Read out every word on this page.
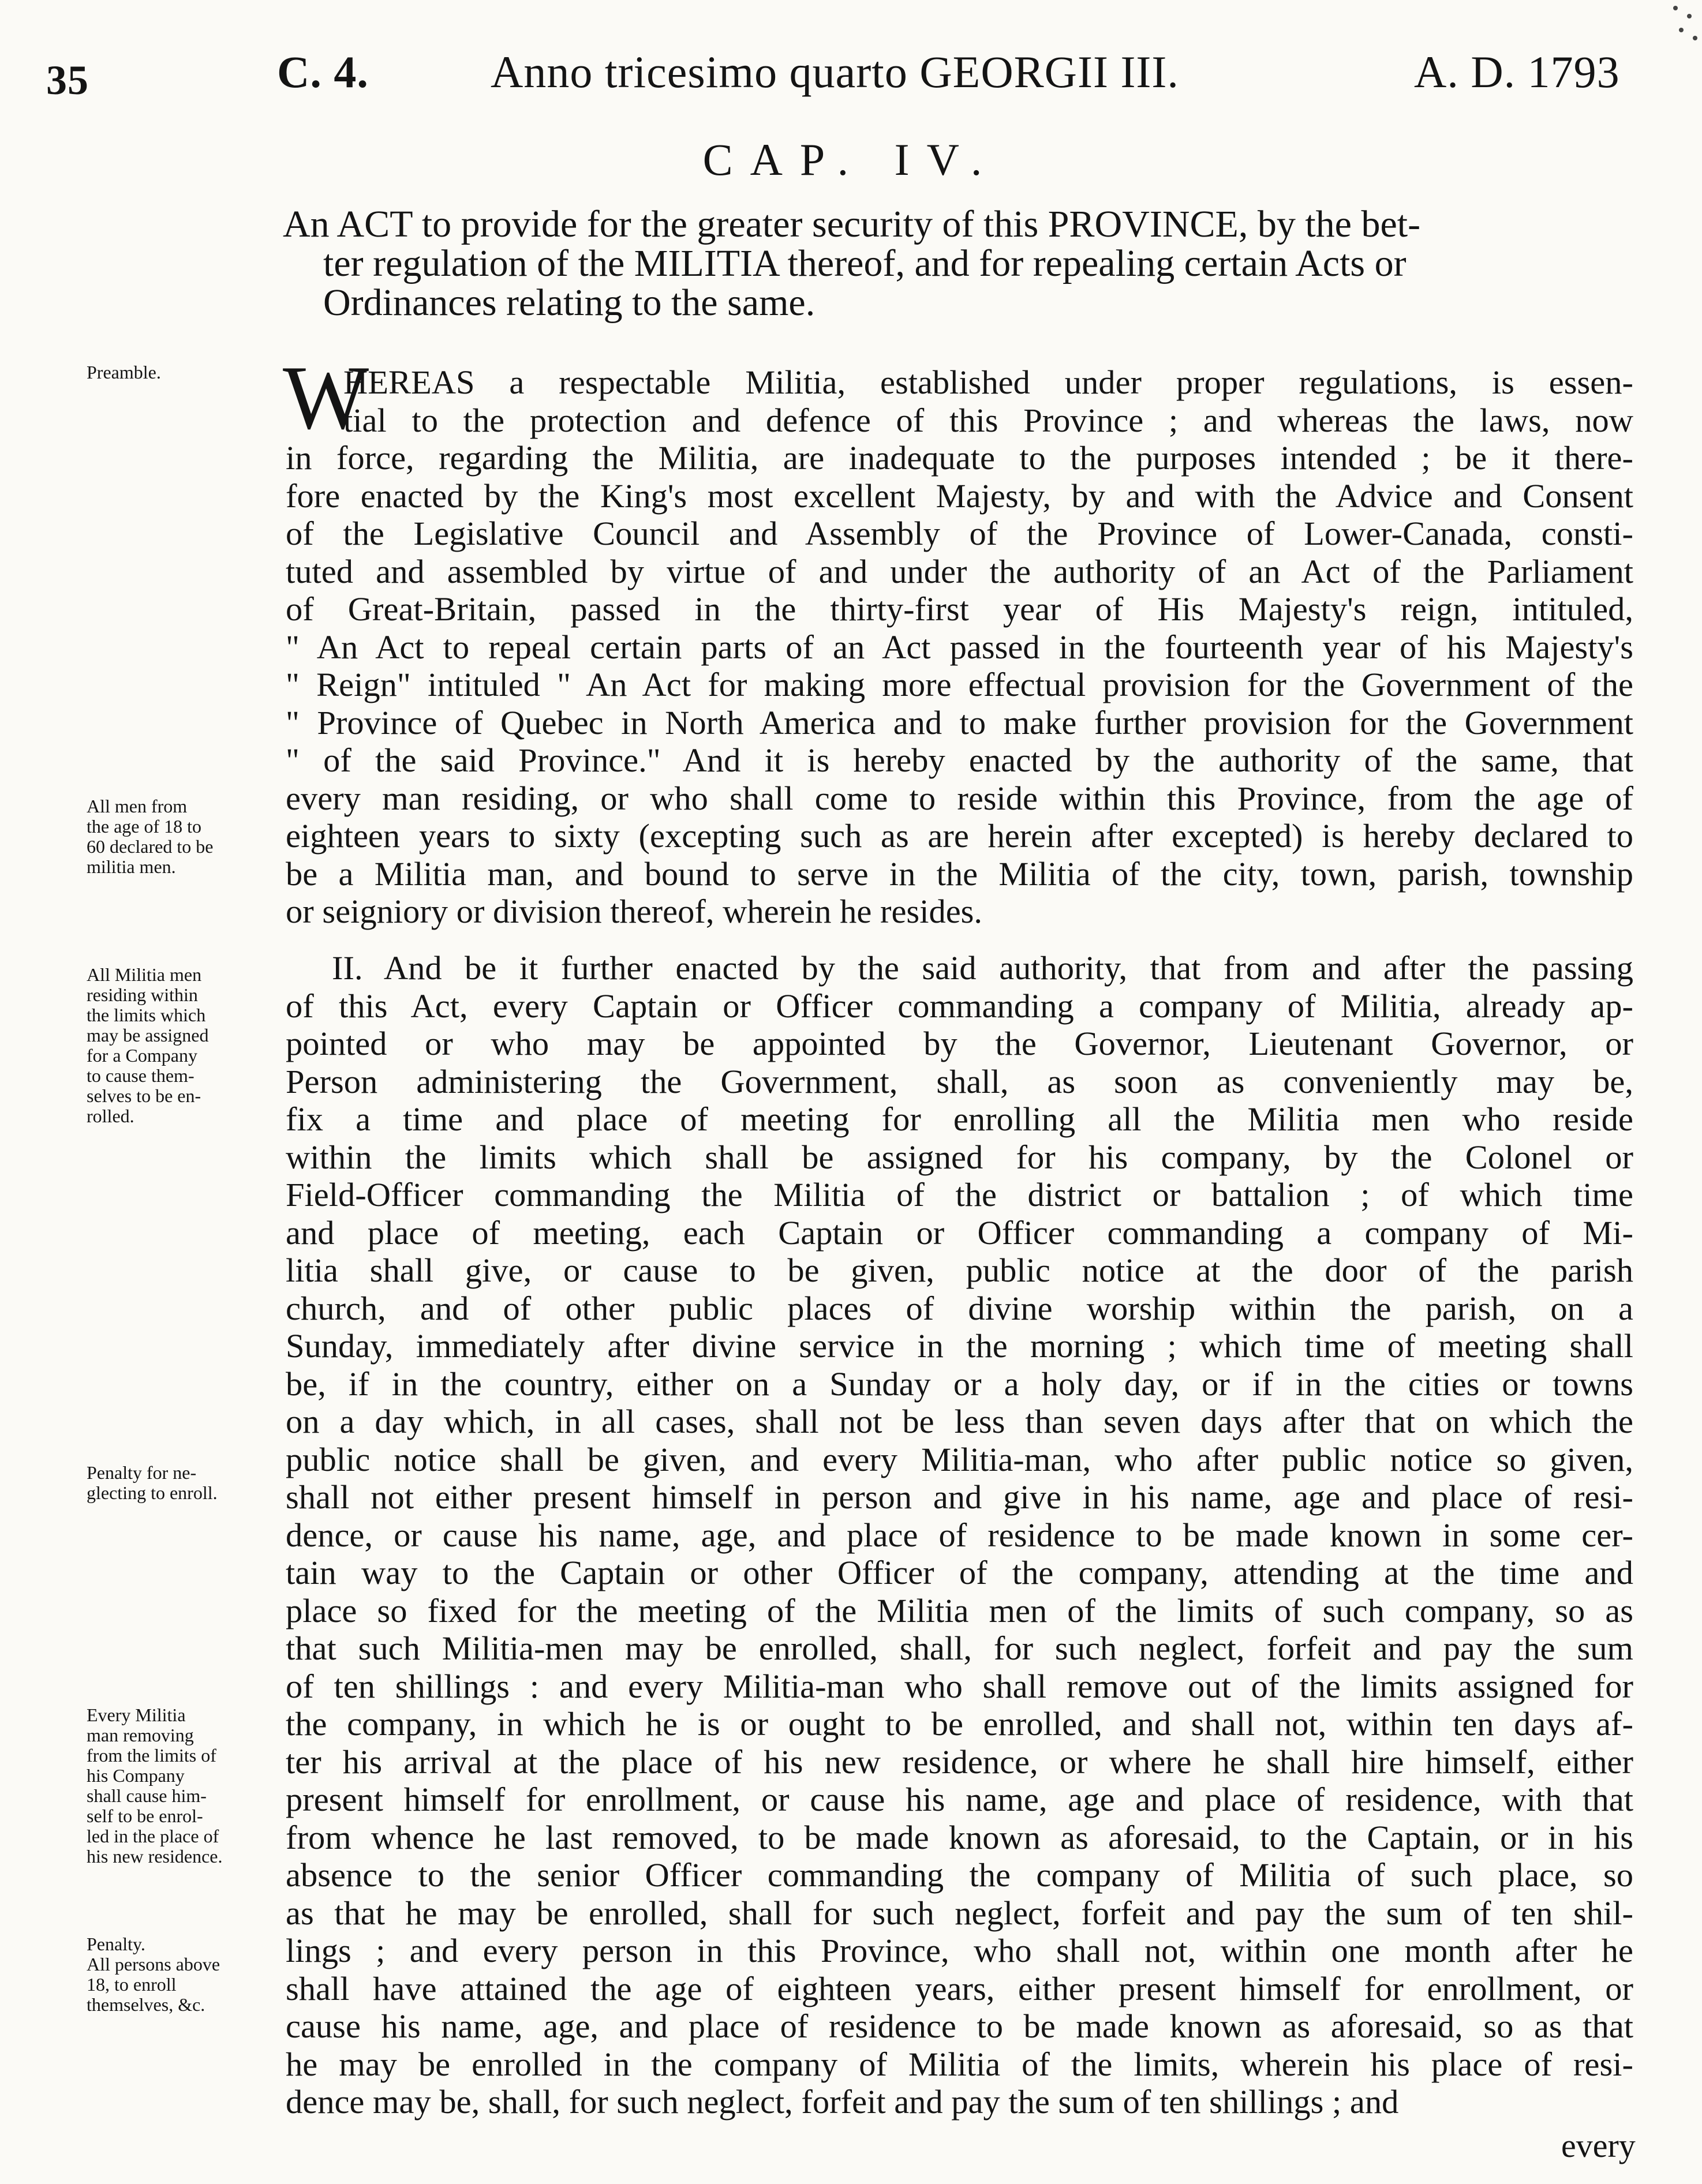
35	C. 4.	Anno tricesimo quarto GEORGII III.	A. D. 1793
CAP. IV.
An ACT to provide for the greater security of this PROVINCE, by the bet-
ter regulation of the MILITIA thereof, and for repealing certain Acts or
Ordinances relating to the same.
W
HEREAS a respectable Militia, established under proper regulations, is essen-
tial to the protection and defence of this Province ; and whereas the laws, now
in force, regarding the Militia, are inadequate to the purposes intended ; be it there-
fore enacted by the King's most excellent Majesty, by and with the Advice and Consent
of the Legislative Council and Assembly of the Province of Lower-Canada, consti-
tuted and assembled by virtue of and under the authority of an Act of the Parliament
of Great-Britain, passed in the thirty-first year of His Majesty's reign, intituled,
" An Act to repeal certain parts of an Act passed in the fourteenth year of his Majesty's
" Reign" intituled " An Act for making more effectual provision for the Government of the
" Province of Quebec in North America and to make further provision for the Government
" of the said Province." And it is hereby enacted by the authority of the same, that
every man residing, or who shall come to reside within this Province, from the age of
eighteen years to sixty (excepting such as are herein after excepted) is hereby declared to
be a Militia man, and bound to serve in the Militia of the city, town, parish, township
or seigniory or division thereof, wherein he resides.
II. And be it further enacted by the said authority, that from and after the passing
of this Act, every Captain or Officer commanding a company of Militia, already ap-
pointed or who may be appointed by the Governor, Lieutenant Governor, or
Person administering the Government, shall, as soon as conveniently may be,
fix a time and place of meeting for enrolling all the Militia men who reside
within the limits which shall be assigned for his company, by the Colonel or
Field-Officer commanding the Militia of the district or battalion ; of which time
and place of meeting, each Captain or Officer commanding a company of Mi-
litia shall give, or cause to be given, public notice at the door of the parish
church, and of other public places of divine worship within the parish, on a
Sunday, immediately after divine service in the morning ; which time of meeting shall
be, if in the country, either on a Sunday or a holy day, or if in the cities or towns
on a day which, in all cases, shall not be less than seven days after that on which the
public notice shall be given, and every Militia-man, who after public notice so given,
shall not either present himself in person and give in his name, age and place of resi-
dence, or cause his name, age, and place of residence to be made known in some cer-
tain way to the Captain or other Officer of the company, attending at the time and
place so fixed for the meeting of the Militia men of the limits of such company, so as
that such Militia-men may be enrolled, shall, for such neglect, forfeit and pay the sum
of ten shillings : and every Militia-man who shall remove out of the limits assigned for
the company, in which he is or ought to be enrolled, and shall not, within ten days af-
ter his arrival at the place of his new residence, or where he shall hire himself, either
present himself for enrollment, or cause his name, age and place of residence, with that
from whence he last removed, to be made known as aforesaid, to the Captain, or in his
absence to the senior Officer commanding the company of Militia of such place, so
as that he may be enrolled, shall for such neglect, forfeit and pay the sum of ten shil-
lings ; and every person in this Province, who shall not, within one month after he
shall have attained the age of eighteen years, either present himself for enrollment, or
cause his name, age, and place of residence to be made known as aforesaid, so as that
he may be enrolled in the company of Militia of the limits, wherein his place of resi-
dence may be, shall, for such neglect, forfeit and pay the sum of ten shillings ; and
Preamble.
All men from
the age of 18 to
60 declared to be
militia men.
All Militia men
residing within
the limits which
may be assigned
for a Company
to cause them-
selves to be en-
rolled.
Penalty for ne-
glecting to enroll.
Every Militia
man removing
from the limits of
his Company
shall cause him-
self to be enrol-
led in the place of
his new residence.
Penalty.
All persons above
18, to enroll
themselves, &c.
every
